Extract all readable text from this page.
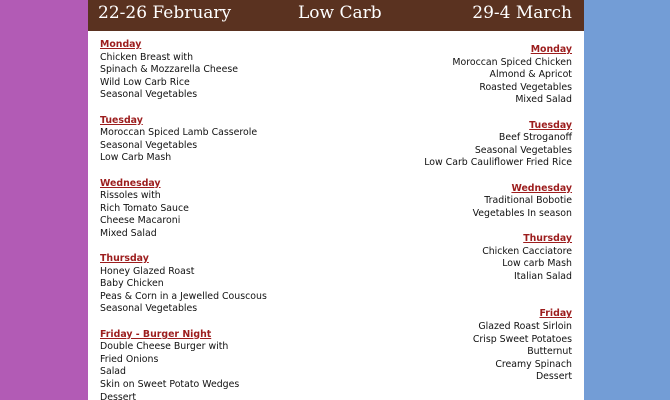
22-26 February	Low Carb	29-4 March
Monday
Chicken Breast with
Spinach & Mozzarella Cheese
Wild Low Carb Rice
Seasonal Vegetables
Tuesday
Moroccan Spiced Lamb Casserole
Seasonal Vegetables
Low Carb Mash
Wednesday
Rissoles with
Rich Tomato Sauce
Cheese Macaroni
Mixed Salad
Thursday
Honey Glazed Roast
Baby Chicken
Peas & Corn in a Jewelled Couscous
Seasonal Vegetables
Friday - Burger Night
Double Cheese Burger with
Fried Onions
Salad
Skin on Sweet Potato Wedges
Dessert
Monday
Moroccan Spiced Chicken
Almond & Apricot
Roasted Vegetables
Mixed Salad
Tuesday
Beef Stroganoff
Seasonal Vegetables
Low Carb Cauliflower Fried Rice
Wednesday
Traditional Bobotie
Vegetables In season
Thursday
Chicken Cacciatore
Low carb Mash
Italian Salad
Friday
Glazed Roast Sirloin
Crisp Sweet Potatoes
Butternut
Creamy Spinach
Dessert
